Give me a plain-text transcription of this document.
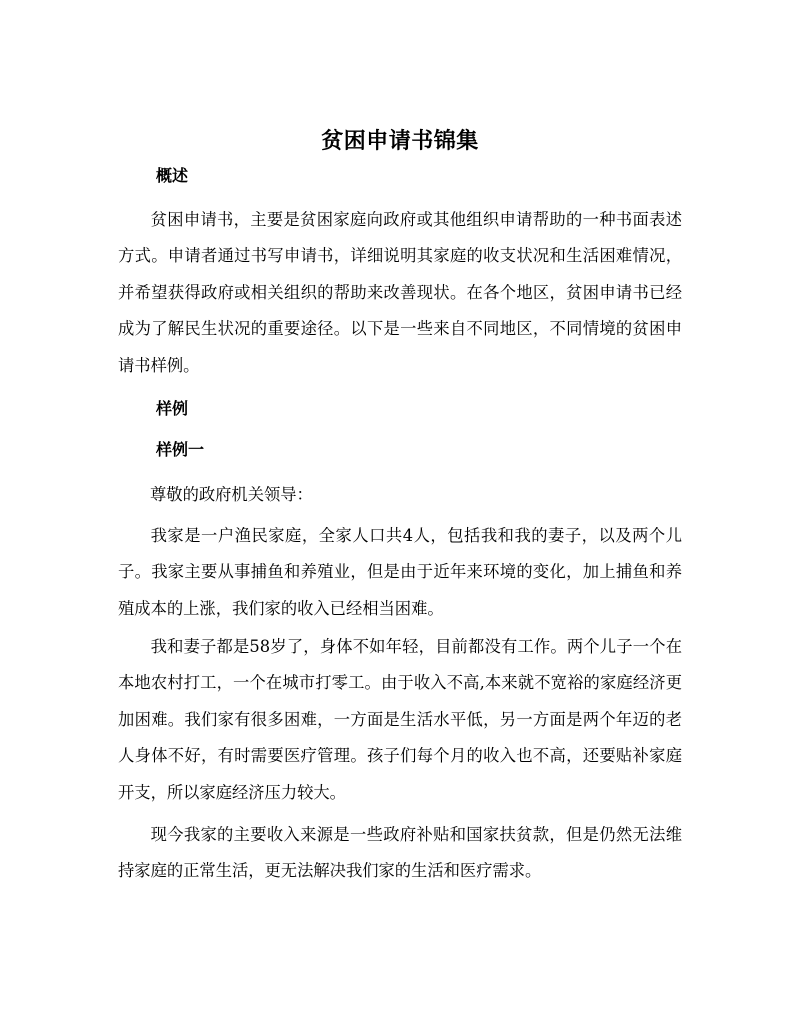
贫困申请书锦集
概述
贫困申请书，主要是贫困家庭向政府或其他组织申请帮助的一种书面表述方式。申请者通过书写申请书，详细说明其家庭的收支状况和生活困难情况，并希望获得政府或相关组织的帮助来改善现状。在各个地区，贫困申请书已经成为了解民生状况的重要途径。以下是一些来自不同地区，不同情境的贫困申请书样例。
样例
样例一
尊敬的政府机关领导：
我家是一户渔民家庭，全家人口共4人，包括我和我的妻子，以及两个儿子。我家主要从事捕鱼和养殖业，但是由于近年来环境的变化，加上捕鱼和养殖成本的上涨，我们家的收入已经相当困难。
我和妻子都是58岁了，身体不如年轻，目前都没有工作。两个儿子一个在本地农村打工，一个在城市打零工。由于收入不高,本来就不宽裕的家庭经济更加困难。我们家有很多困难，一方面是生活水平低，另一方面是两个年迈的老人身体不好，有时需要医疗管理。孩子们每个月的收入也不高，还要贴补家庭开支，所以家庭经济压力较大。
现今我家的主要收入来源是一些政府补贴和国家扶贫款，但是仍然无法维持家庭的正常生活，更无法解决我们家的生活和医疗需求。
